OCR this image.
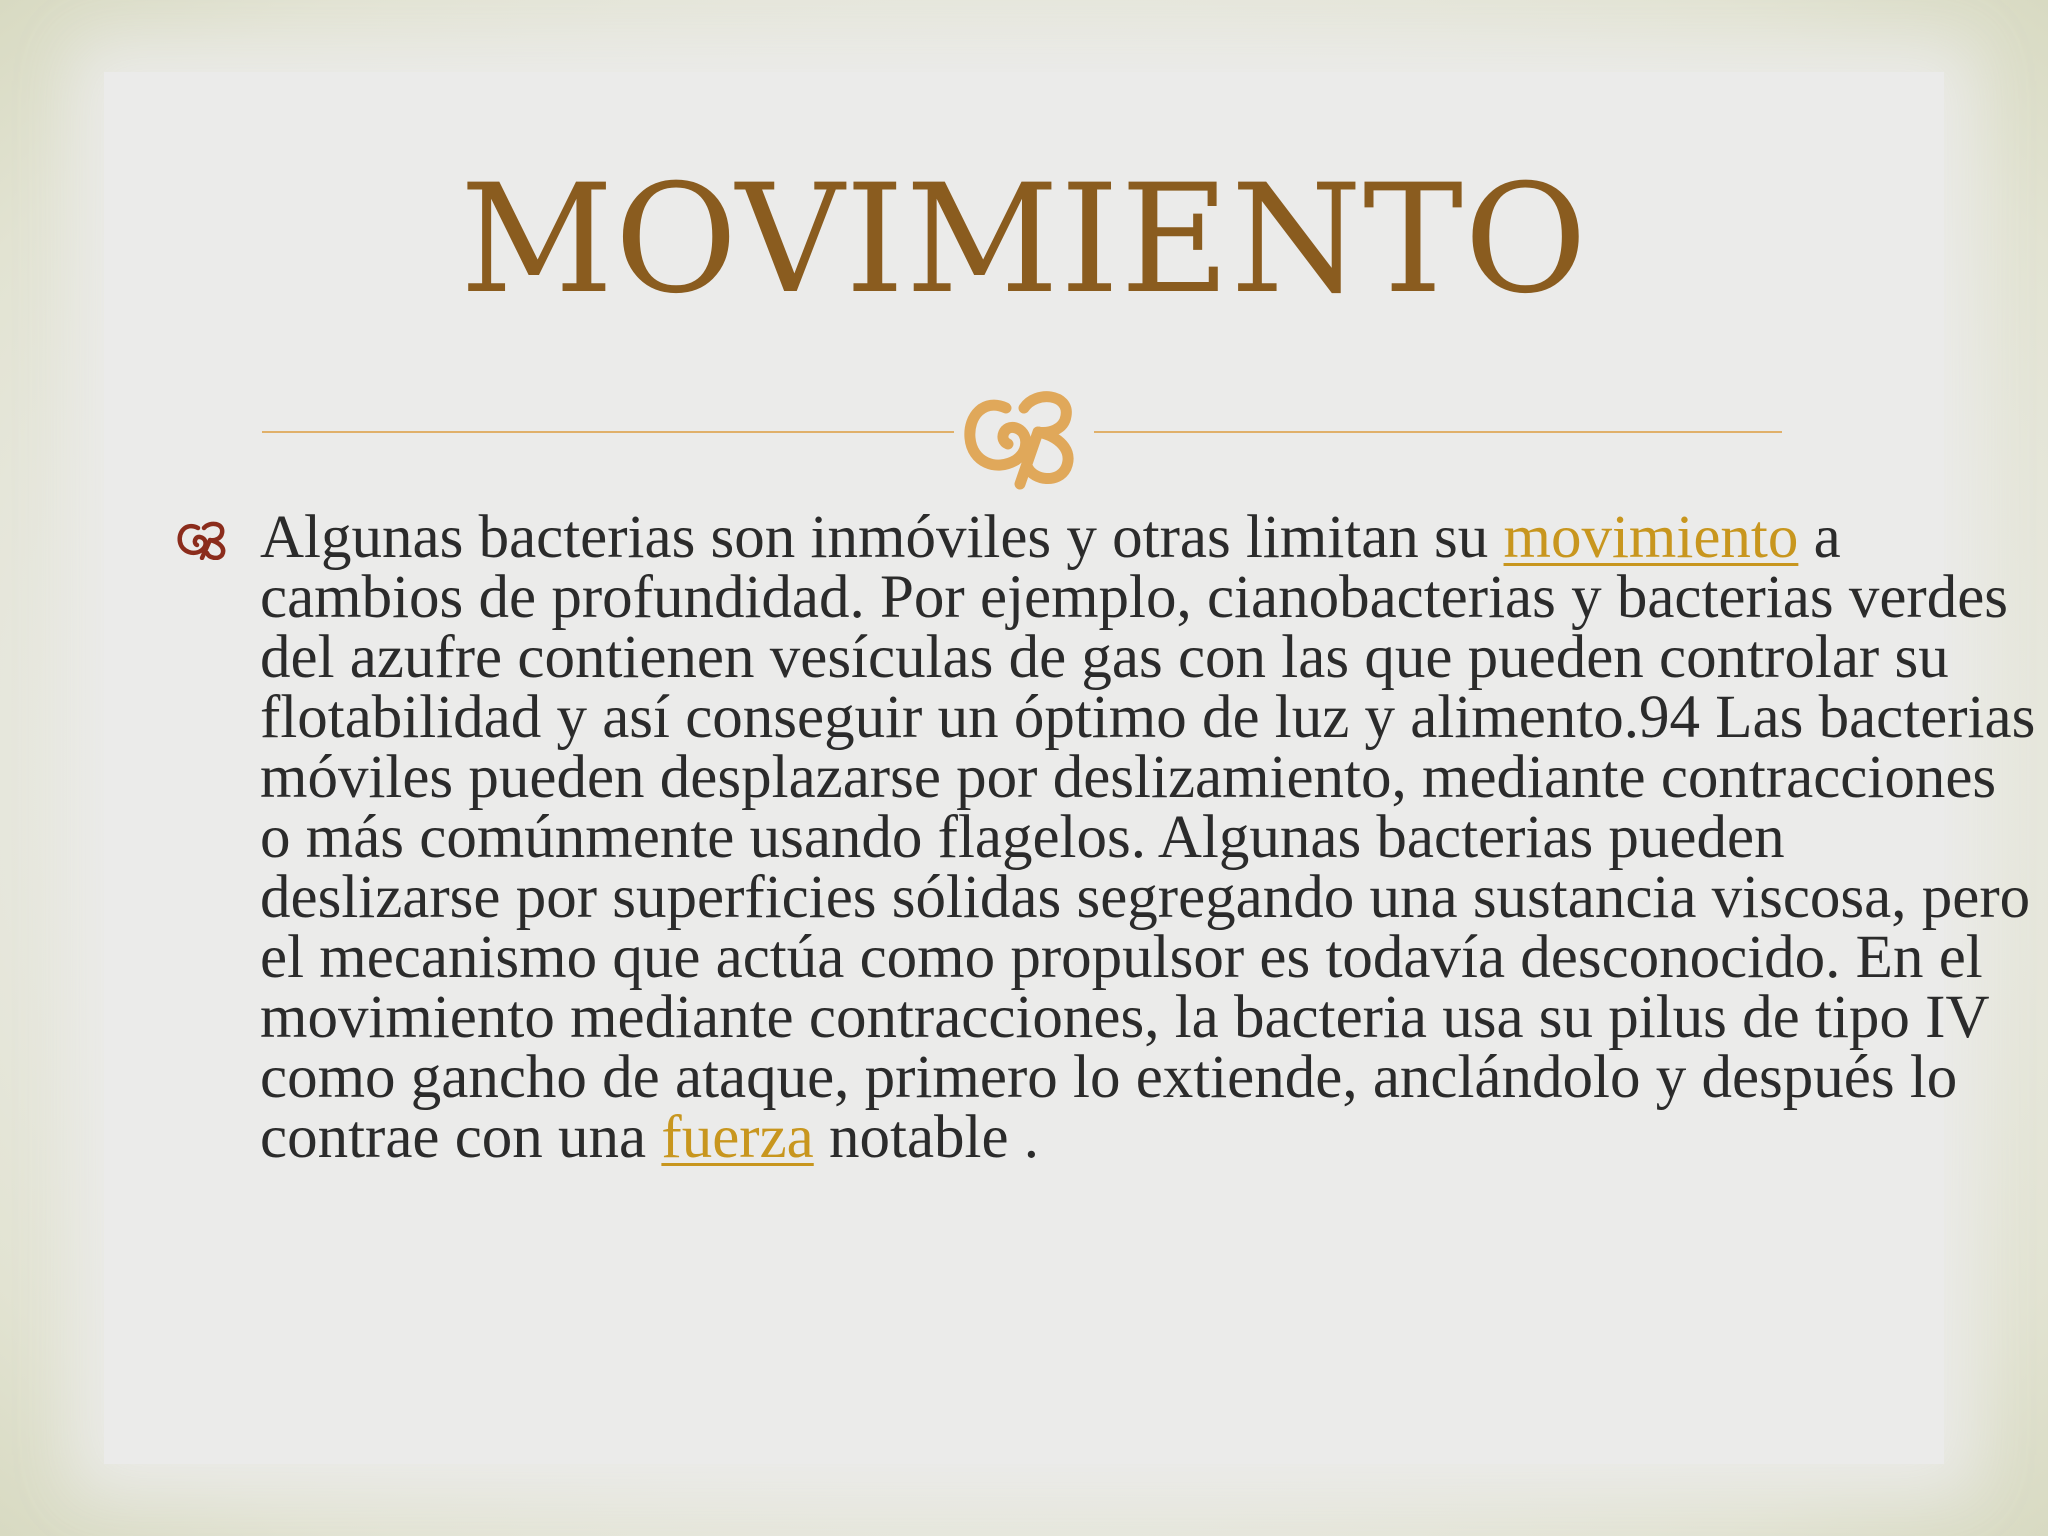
MOVIMIENTO

Algunas bacterias son inmóviles y otras limitan su movimiento a cambios de profundidad. Por ejemplo, cianobacterias y bacterias verdes del azufre contienen vesículas de gas con las que pueden controlar su flotabilidad y así conseguir un óptimo de luz y alimento.94 Las bacterias móviles pueden desplazarse por deslizamiento, mediante contracciones o más comúnmente usando flagelos. Algunas bacterias pueden deslizarse por superficies sólidas segregando una sustancia viscosa, pero el mecanismo que actúa como propulsor es todavía desconocido. En el movimiento mediante contracciones, la bacteria usa su pilus de tipo IV como gancho de ataque, primero lo extiende, anclándolo y después lo contrae con una fuerza notable .
